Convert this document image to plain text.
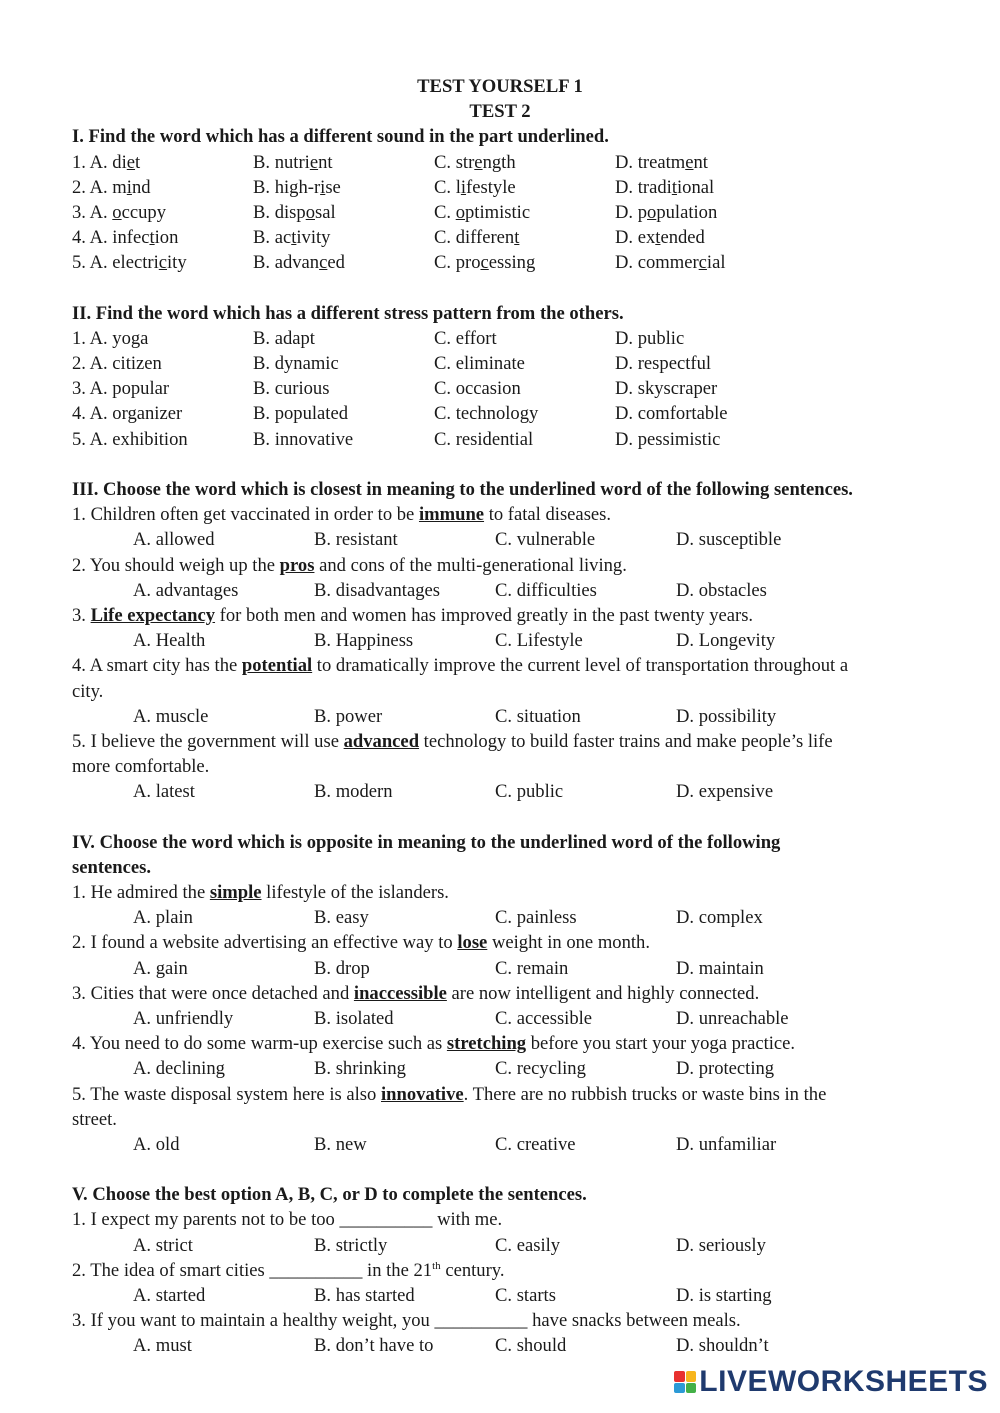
TEST YOURSELF 1
TEST 2
I. Find the word which has a different sound in the part underlined.
1. A. diet	B. nutrient	C. strength	D. treatment
2. A. mind	B. high-rise	C. lifestyle	D. traditional
3. A. occupy	B. disposal	C. optimistic	D. population
4. A. infection	B. activity	C. different	D. extended
5. A. electricity	B. advanced	C. processing	D. commercial
II. Find the word which has a different stress pattern from the others.
1. A. yoga	B. adapt	C. effort	D. public
2. A. citizen	B. dynamic	C. eliminate	D. respectful
3. A. popular	B. curious	C. occasion	D. skyscraper
4. A. organizer	B. populated	C. technology	D. comfortable
5. A. exhibition	B. innovative	C. residential	D. pessimistic
III. Choose the word which is closest in meaning to the underlined word of the following sentences.
1. Children often get vaccinated in order to be immune to fatal diseases.
A. allowed	B. resistant	C. vulnerable	D. susceptible
2. You should weigh up the pros and cons of the multi-generational living.
A. advantages	B. disadvantages	C. difficulties	D. obstacles
3. Life expectancy for both men and women has improved greatly in the past twenty years.
A. Health	B. Happiness	C. Lifestyle	D. Longevity
4. A smart city has the potential to dramatically improve the current level of transportation throughout a
city.
A. muscle	B. power	C. situation	D. possibility
5. I believe the government will use advanced technology to build faster trains and make people’s life
more comfortable.
A. latest	B. modern	C. public	D. expensive
IV. Choose the word which is opposite in meaning to the underlined word of the following
sentences.
1. He admired the simple lifestyle of the islanders.
A. plain	B. easy	C. painless	D. complex
2. I found a website advertising an effective way to lose weight in one month.
A. gain	B. drop	C. remain	D. maintain
3. Cities that were once detached and inaccessible are now intelligent and highly connected.
A. unfriendly	B. isolated	C. accessible	D. unreachable
4. You need to do some warm-up exercise such as stretching before you start your yoga practice.
A. declining	B. shrinking	C. recycling	D. protecting
5. The waste disposal system here is also innovative. There are no rubbish trucks or waste bins in the
street.
A. old	B. new	C. creative	D. unfamiliar
V. Choose the best option A, B, C, or D to complete the sentences.
1. I expect my parents not to be too __________ with me.
A. strict	B. strictly	C. easily	D. seriously
2. The idea of smart cities __________ in the 21th century.
A. started	B. has started	C. starts	D. is starting
3. If you want to maintain a healthy weight, you __________ have snacks between meals.
A. must	B. don’t have to	C. should	D. shouldn’t
LIVEWORKSHEETS
